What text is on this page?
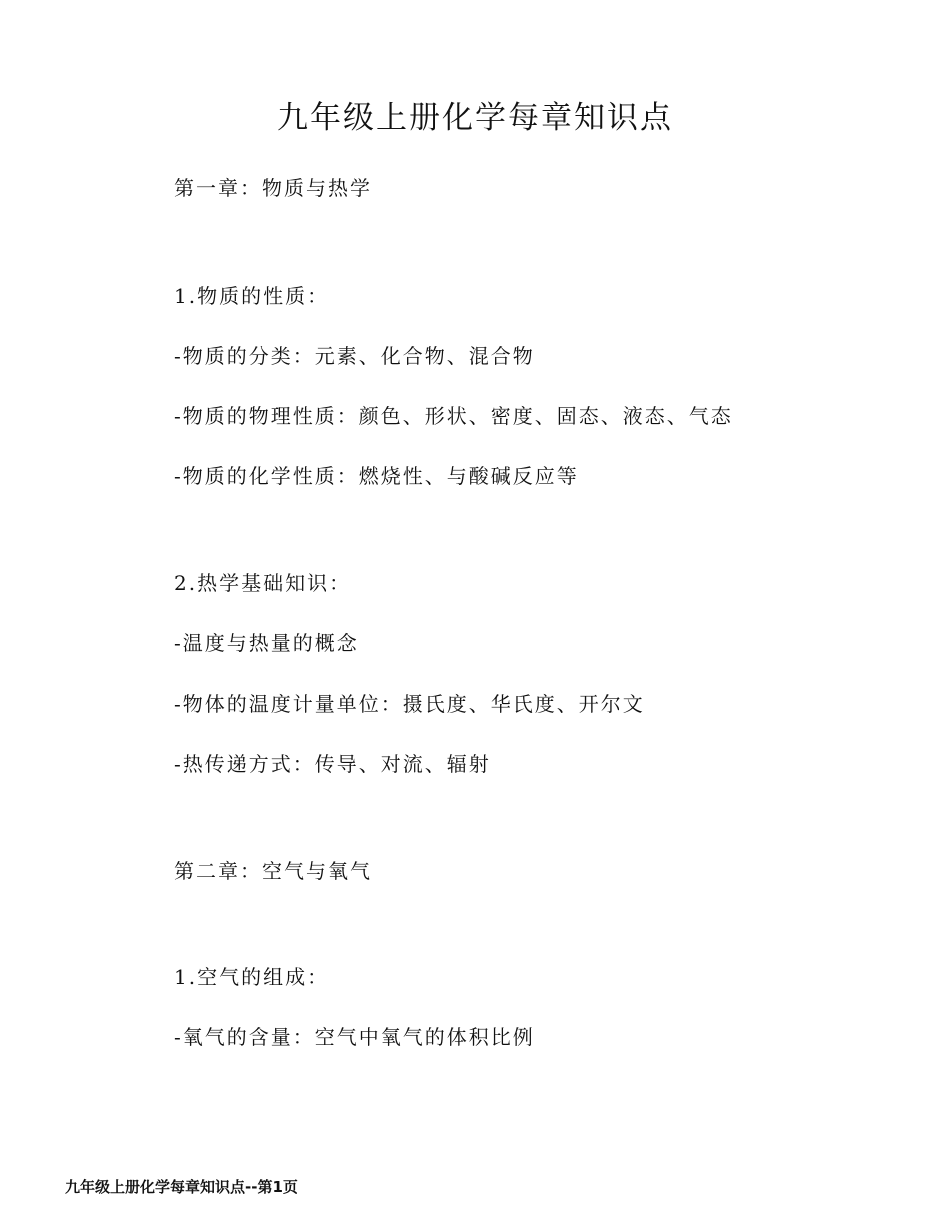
九年级上册化学每章知识点
第一章：物质与热学
1.物质的性质：
-物质的分类：元素、化合物、混合物
-物质的物理性质：颜色、形状、密度、固态、液态、气态
-物质的化学性质：燃烧性、与酸碱反应等
2.热学基础知识：
-温度与热量的概念
-物体的温度计量单位：摄氏度、华氏度、开尔文
-热传递方式：传导、对流、辐射
第二章：空气与氧气
1.空气的组成：
-氧气的含量：空气中氧气的体积比例
九年级上册化学每章知识点--第1页
